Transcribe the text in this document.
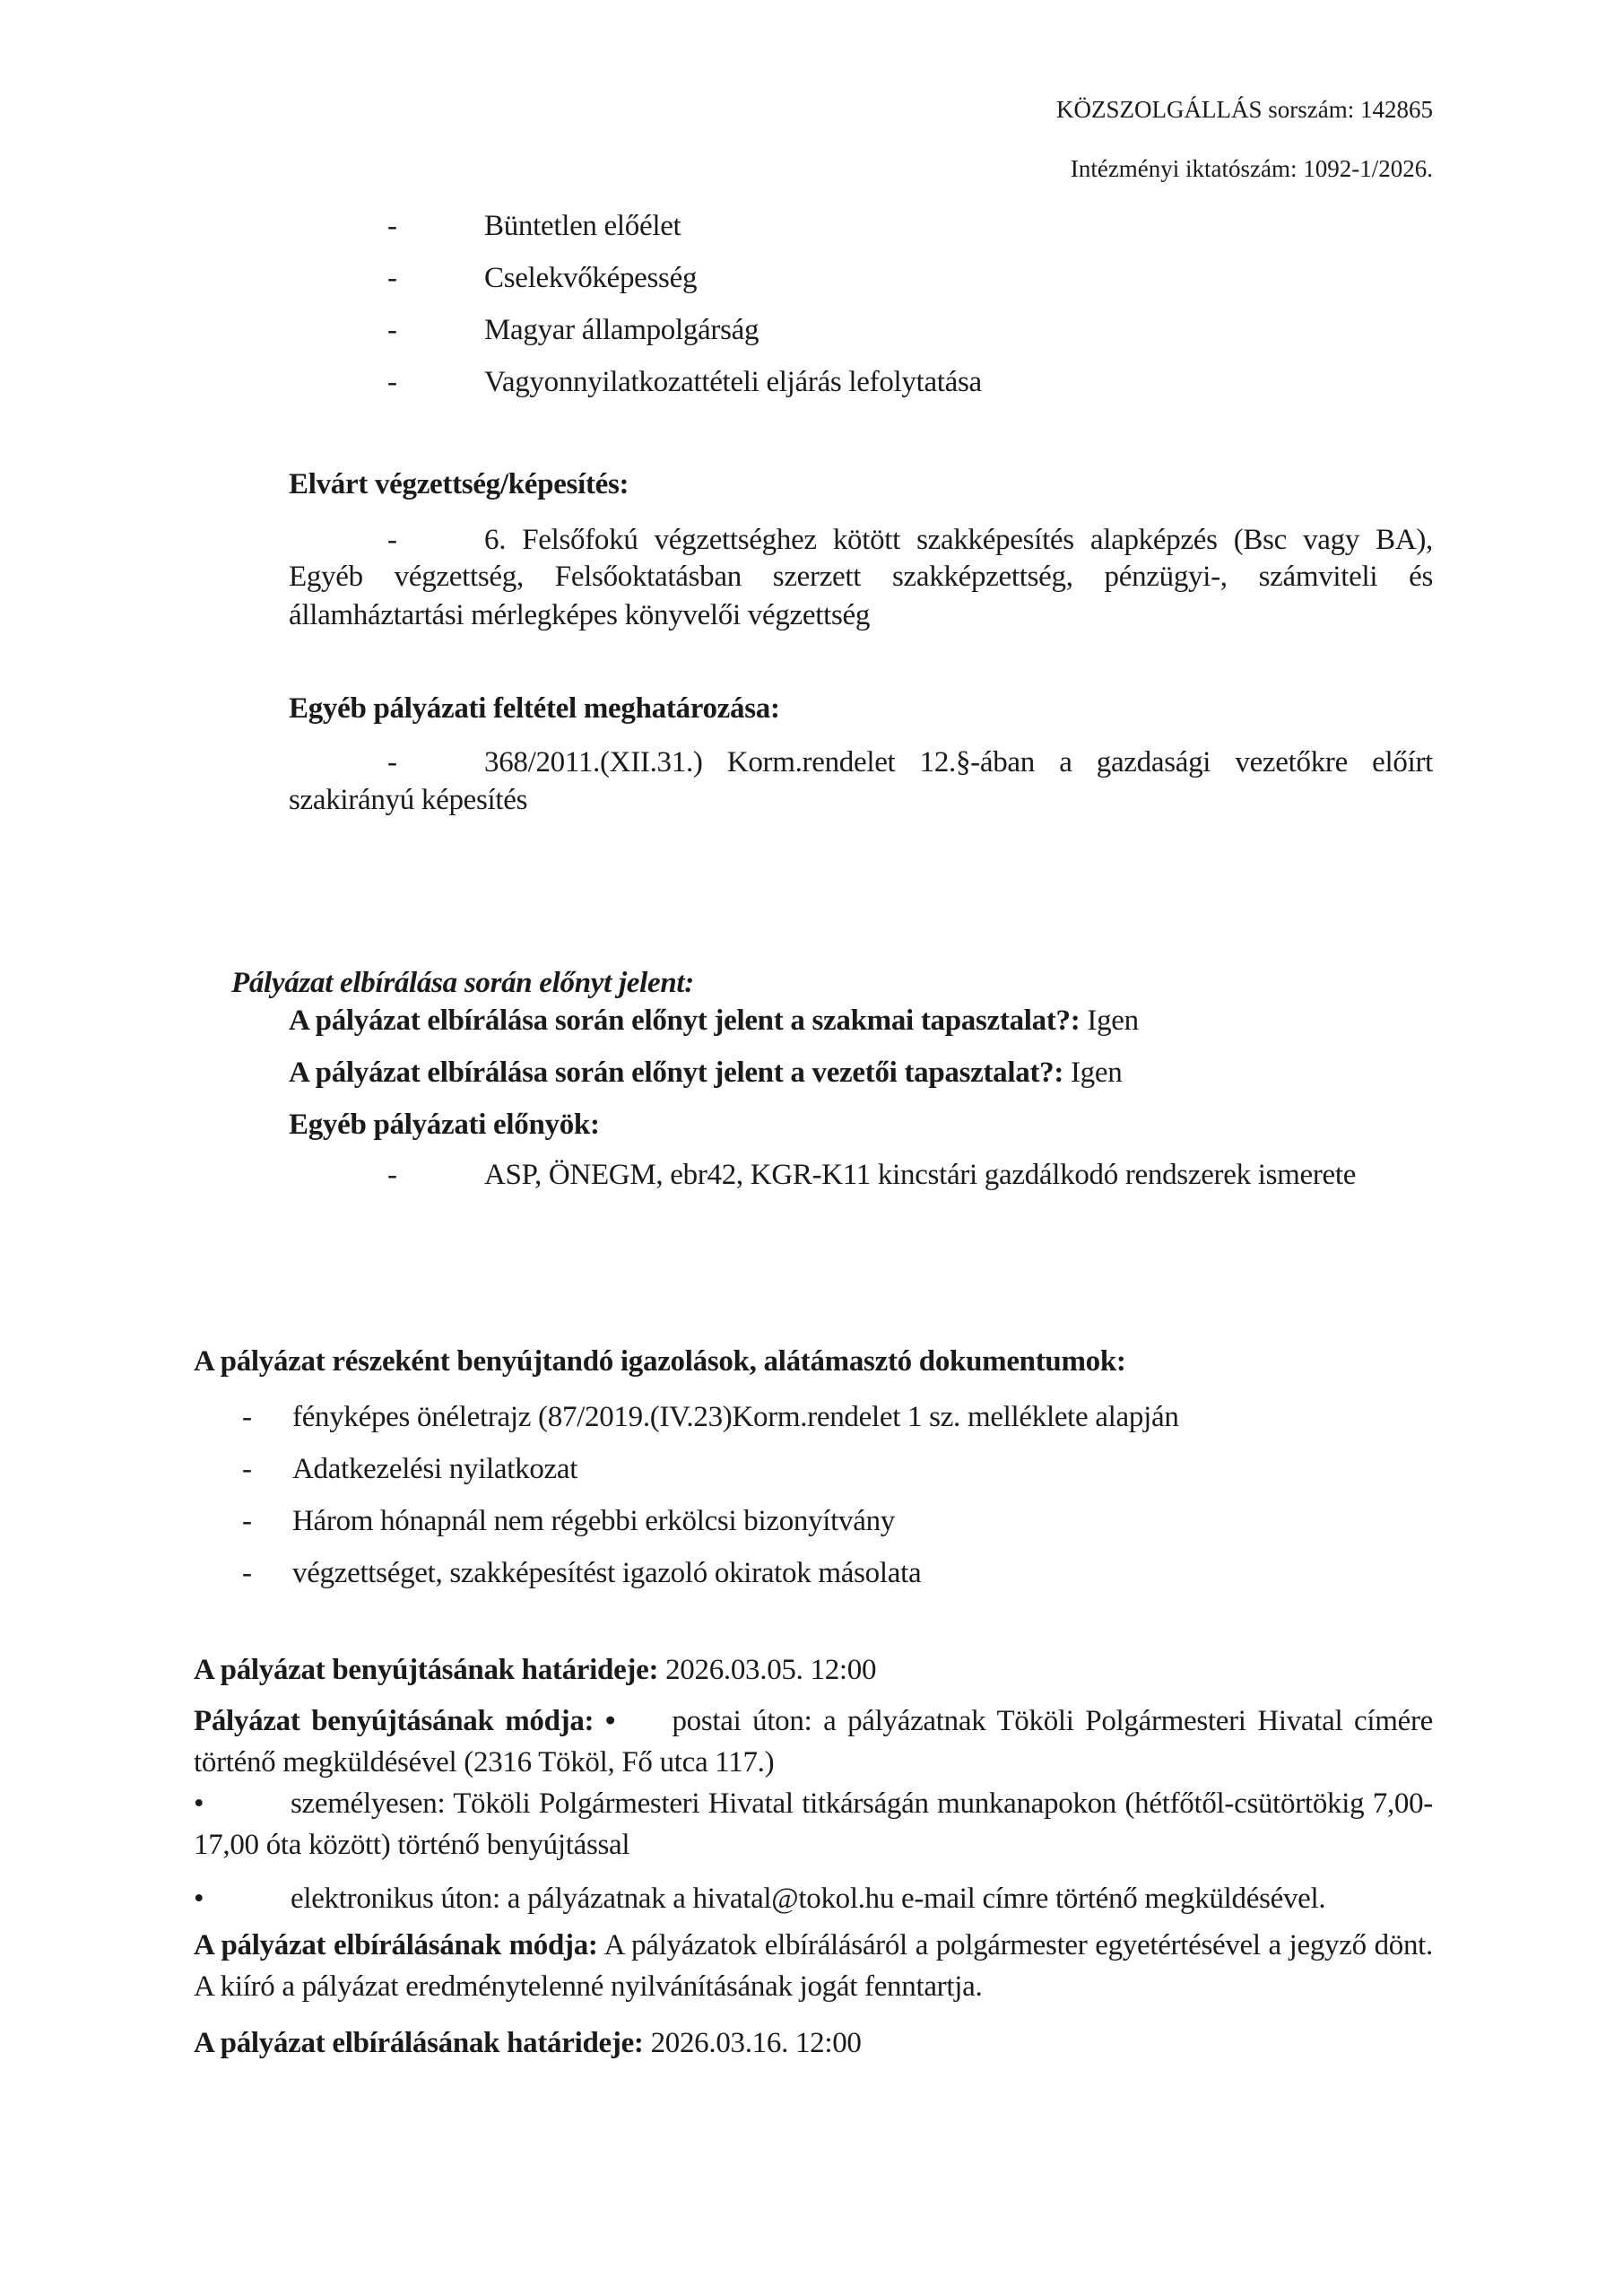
KÖZSZOLGÁLLÁS sorszám: 142865
Intézményi iktatószám: 1092-1/2026.
-	Büntetlen előélet
-	Cselekvőképesség
-	Magyar állampolgárság
-	Vagyonnyilatkozattételi eljárás lefolytatása
Elvárt végzettség/képesítés:
-	6. Felsőfokú végzettséghez kötött szakképesítés alapképzés (Bsc vagy BA),
Egyéb végzettség, Felsőoktatásban szerzett szakképzettség, pénzügyi-, számviteli és államháztartási mérlegképes könyvelői végzettség
Egyéb pályázati feltétel meghatározása:
-	368/2011.(XII.31.) Korm.rendelet 12.§-ában a gazdasági vezetőkre előírt
szakirányú képesítés
Pályázat elbírálása során előnyt jelent:
A pályázat elbírálása során előnyt jelent a szakmai tapasztalat?: Igen
A pályázat elbírálása során előnyt jelent a vezetői tapasztalat?: Igen
Egyéb pályázati előnyök:
-	ASP, ÖNEGM, ebr42, KGR-K11 kincstári gazdálkodó rendszerek ismerete
A pályázat részeként benyújtandó igazolások, alátámasztó dokumentumok:
- fényképes önéletrajz (87/2019.(IV.23)Korm.rendelet 1 sz. melléklete alapján
- Adatkezelési nyilatkozat
- Három hónapnál nem régebbi erkölcsi bizonyítvány
- végzettséget, szakképesítést igazoló okiratok másolata
A pályázat benyújtásának határideje: 2026.03.05. 12:00
Pályázat benyújtásának módja: • postai úton: a pályázatnak Tököli Polgármesteri Hivatal címére történő megküldésével (2316 Tököl, Fő utca 117.)
•	személyesen: Tököli Polgármesteri Hivatal titkárságán munkanapokon (hétfőtől-csütörtökig 7,00-17,00 óta között) történő benyújtással
•	elektronikus úton: a pályázatnak a hivatal@tokol.hu e-mail címre történő megküldésével.
A pályázat elbírálásának módja: A pályázatok elbírálásáról a polgármester egyetértésével a jegyző dönt. A kiíró a pályázat eredménytelenné nyilvánításának jogát fenntartja.
A pályázat elbírálásának határideje: 2026.03.16. 12:00
